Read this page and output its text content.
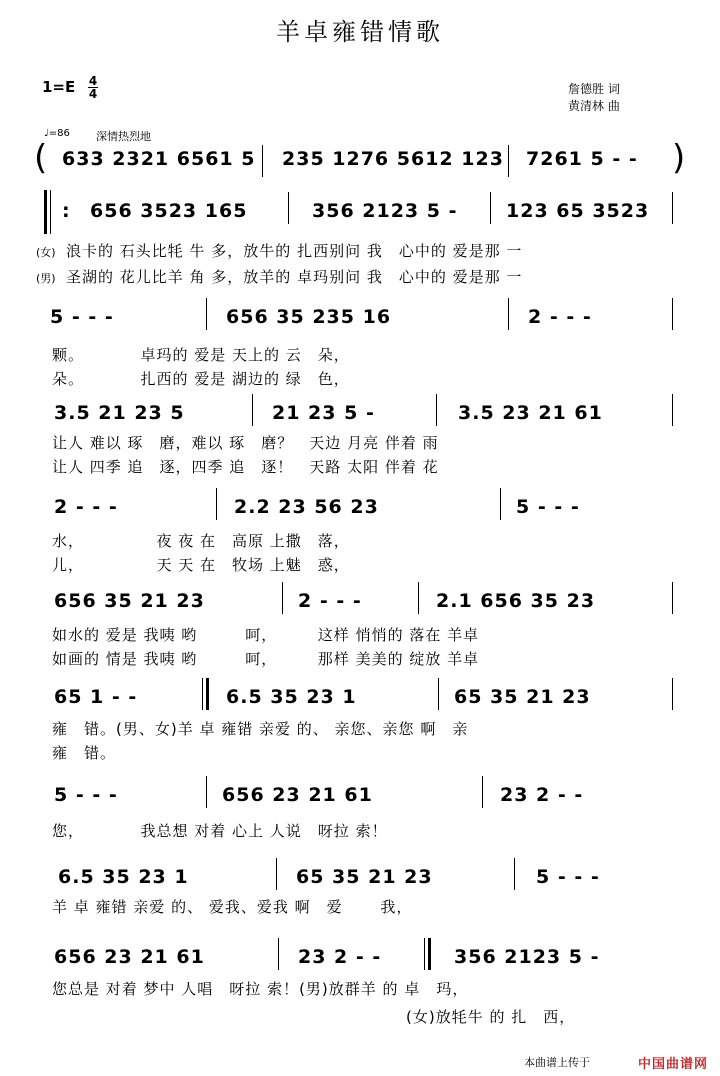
羊卓雍错情歌
1=E 4
4	詹德胜 词
黄清林 曲
♩=86 深情热烈地
( 633 2321 6561 5 235 1276 5612 123 7261 5 - - )
: 656 3523 165	356 2123 5 -	123 65 3523
(女) 浪卡的 石头比牦 牛 多，放牛的 扎西别问 我　心中的 爱是那 一
(男) 圣湖的 花儿比羊 角 多，放羊的 卓玛别问 我　心中的 爱是那 一
5 - - -	656 35 235 16	2 - - -
颗。　　　　卓玛的 爱是 天上的 云　朵，
朵。　　　　扎西的 爱是 湖边的 绿　色，
3.5 21 23 5	21 23 5 -	3.5 23 21 61
让人 难以 琢　磨，难以 琢　磨？　天边 月亮 伴着 雨
让人 四季 追　逐，四季 追　逐！　天路 太阳 伴着 花
2 - - -	2.2 23 56 23	5 - - -
水，　　　　　夜 夜 在　高原 上撒　落，
儿，　　　　　天 天 在　牧场 上魅　惑，
656 35 21 23	2 - - -	2.1 656 35 23
如水的 爱是 我咦 哟　　　呵，　　　这样 悄悄的 落在 羊卓
如画的 情是 我咦 哟　　　呵，　　　那样 美美的 绽放 羊卓
65 1 - -	6.5 35 23 1	65 35 21 23
雍　错。(男、女)羊 卓 雍错 亲爱 的、 亲您、亲您 啊　亲
雍　错。
5 - - -	656 23 21 61	23 2 - -
您，　　　　我总想 对着 心上 人说　呀拉 索！
6.5 35 23 1	65 35 21 23	5 - - -
羊 卓 雍错 亲爱 的、 爱我、爱我 啊　爱　　 我，
656 23 21 61	23 2 - -	356 2123 5 -
您总是 对着 梦中 人唱　呀拉 索！(男)放群羊 的 卓　玛，
(女)放牦牛 的 扎　西，
本曲谱上传于	中国曲谱网
